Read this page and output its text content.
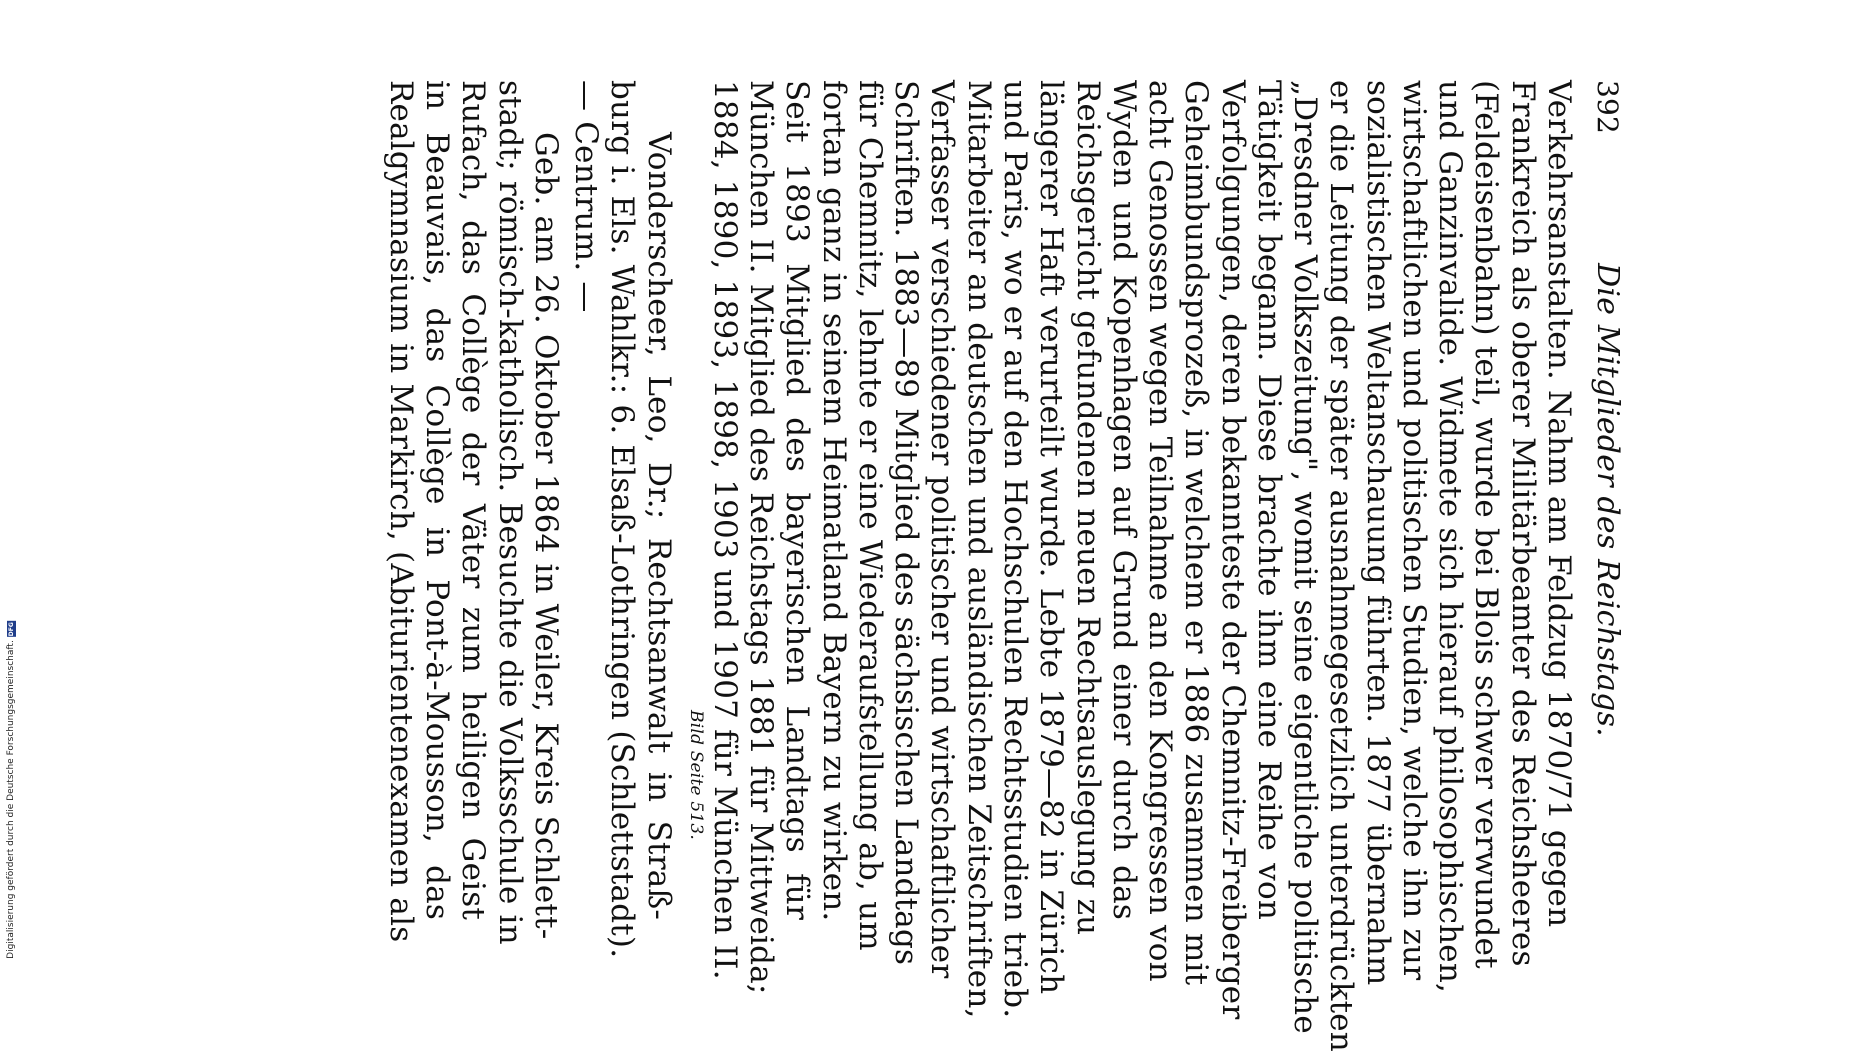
Digitalisierung gefördert durch die Deutsche Forschungsgemeinschaft.
DFG
392
Die Mitglieder des Reichstags.
Verkehrsanstalten. Nahm am Feldzug 1870/71 gegen
Frankreich als oberer Militärbeamter des Reichsheeres
(Feldeisenbahn) teil, wurde bei Blois schwer verwundet
und Ganzinvalide. Widmete sich hierauf philosophischen,
wirtschaftlichen und politischen Studien, welche ihn zur
sozialistischen Weltanschauung führten. 1877 übernahm
er die Leitung der später ausnahmegesetzlich unterdrückten
„Dresdner Volkszeitung", womit seine eigentliche politische
Tätigkeit begann. Diese brachte ihm eine Reihe von
Verfolgungen, deren bekannteste der Chemnitz-Freiberger
Geheimbundsprozeß, in welchem er 1886 zusammen mit
acht Genossen wegen Teilnahme an den Kongressen von
Wyden und Kopenhagen auf Grund einer durch das
Reichsgericht gefundenen neuen Rechtsauslegung zu
längerer Haft verurteilt wurde. Lebte 1879—82 in Zürich
und Paris, wo er auf den Hochschulen Rechtsstudien trieb.
Mitarbeiter an deutschen und ausländischen Zeitschriften,
Verfasser verschiedener politischer und wirtschaftlicher
Schriften. 1883—89 Mitglied des sächsischen Landtags
für Chemnitz, lehnte er eine Wiederaufstellung ab, um
fortan ganz in seinem Heimatland Bayern zu wirken.
Seit 1893 Mitglied des bayerischen Landtags für
München II. Mitglied des Reichstags 1881 für Mittweida;
1884, 1890, 1893, 1898, 1903 und 1907 für München II.
Bild Seite 513.
Vonderscheer, Leo, Dr.; Rechtsanwalt in Straß-
burg i. Els. Wahlkr.: 6. Elsaß-Lothringen (Schlettstadt).
— Centrum. —
Geb. am 26. Oktober 1864 in Weiler, Kreis Schlett-
stadt; römisch-katholisch. Besuchte die Volksschule in
Rufach, das Collège der Väter zum heiligen Geist
in Beauvais, das Collège in Pont-à-Mousson, das
Realgymnasium in Markirch, (Abiturientenexamen als
